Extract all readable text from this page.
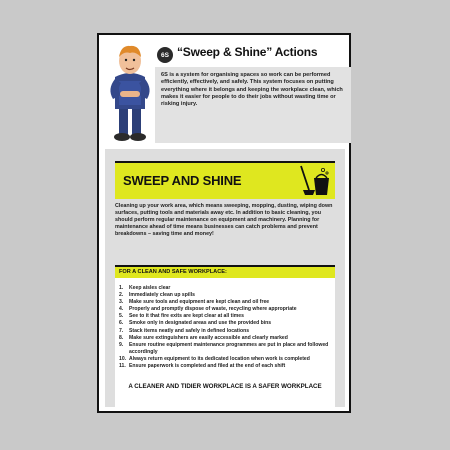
6S “Sweep & Shine” Actions
6S is a system for organising spaces so work can be performed efficiently, effectively, and safely. This system focuses on putting everything where it belongs and keeping the workplace clean, which makes it easier for people to do their jobs without wasting time or risking injury.
SWEEP AND SHINE
Cleaning up your work area, which means sweeping, mopping, dusting, wiping down surfaces, putting tools and materials away etc. In addition to basic cleaning, you should perform regular maintenance on equipment and machinery. Planning for maintenance ahead of time means businesses can catch problems and prevent breakdowns – saving time and money!
FOR A CLEAN AND SAFE WORKPLACE:
1.	Keep aisles clear
2.	Immediately clean up spills
3.	Make sure tools and equipment are kept clean and oil free
4.	Properly and promptly dispose of waste, recycling where appropriate
5.	See to it that fire exits are kept clear at all times
6.	Smoke only in designated areas and use the provided bins
7.	Stack items neatly and safely in defined locations
8.	Make sure extinguishers are easily accessible and clearly marked
9.	Ensure routine equipment maintenance programmes are put in place and followed accordingly
10. Always return equipment to its dedicated location when work is completed
11. Ensure paperwork is completed and filed at the end of each shift
A CLEANER AND TIDIER WORKPLACE IS A SAFER WORKPLACE
